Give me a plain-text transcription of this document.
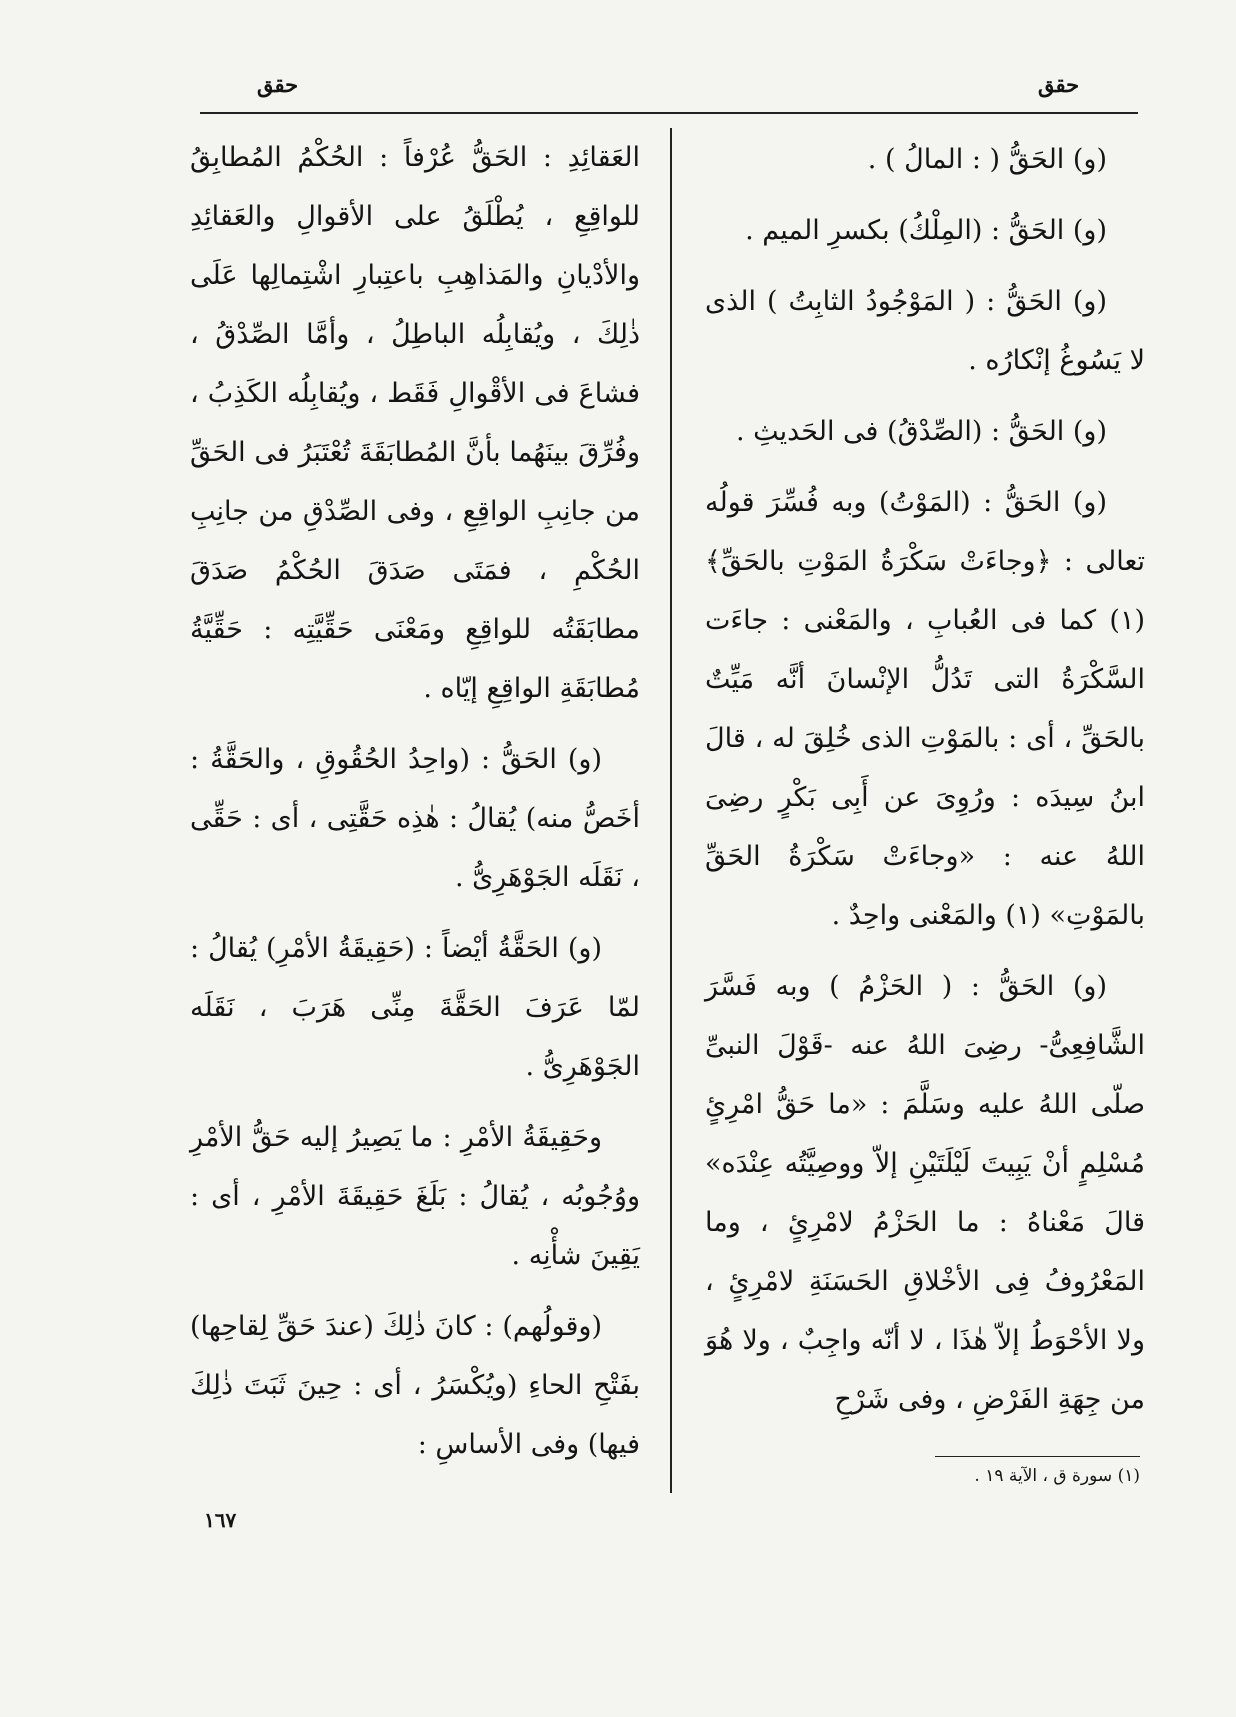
حقق
حقق

(و) الحَقُّ ( : المالُ ) .

(و) الحَقُّ : (المِلْكُ) بكسرِ الميم .

(و) الحَقُّ : ( المَوْجُودُ الثابِتُ ) الذى لا يَسُوغُ إنْكارُه .

(و) الحَقُّ : (الصِّدْقُ) فى الحَديثِ .

(و) الحَقُّ : (المَوْتُ) وبه فُسِّرَ قولُه تعالى : ﴿وجاءَتْ سَكْرَةُ المَوْتِ بالحَقِّ﴾ (١) كما فى العُبابِ ، والمَعْنى : جاءَت السَّكْرَةُ التى تَدُلُّ الإنْسانَ أنَّه مَيِّتٌ بالحَقِّ ، أى : بالمَوْتِ الذى خُلِقَ له ، قالَ ابنُ سِيدَه : ورُوِىَ عن أَبِى بَكْرٍ رضِىَ اللهُ عنه : «وجاءَتْ سَكْرَةُ الحَقِّ بالمَوْتِ» (١) والمَعْنى واحِدٌ .

(و) الحَقُّ : ( الحَزْمُ ) وبه فَسَّرَ الشَّافِعِىُّ- رضِىَ اللهُ عنه -قَوْلَ النبىِّ صلّى اللهُ عليه وسَلَّمَ : «ما حَقُّ امْرِئٍ مُسْلِمٍ أنْ يَبِيتَ لَيْلَتَيْنِ إلاّ ووصِيَّتُه عِنْدَه» قالَ مَعْناهُ : ما الحَزْمُ لامْرِئٍ ، وما المَعْرُوفُ فِى الأخْلاقِ الحَسَنَةِ لامْرِئٍ ، ولا الأحْوَطُ إلاّ هٰذَا ، لا أنّه واجِبٌ ، ولا هُوَ من جِهَةِ الفَرْضِ ، وفى شَرْحِ

العَقائِدِ : الحَقُّ عُرْفاً : الحُكْمُ المُطابِقُ للواقِعِ ، يُطْلَقُ على الأقوالِ والعَقائِدِ والأدْيانِ والمَذاهِبِ باعتِبارِ اشْتِمالِها عَلَى ذٰلِكَ ، ويُقابِلُه الباطِلُ ، وأمَّا الصِّدْقُ ، فشاعَ فى الأقْوالِ فَقَط ، ويُقابِلُه الكَذِبُ ، وفُرِّقَ بينَهُما بأنَّ المُطابَقَةَ تُعْتَبَرُ فى الحَقِّ من جانِبِ الواقِعِ ، وفى الصِّدْقِ من جانِبِ الحُكْمِ ، فمَتَى صَدَقَ الحُكْمُ صَدَقَ مطابَقَتُه للواقِعِ ومَعْنَى حَقِّيَّتِه : حَقِّيَّةُ مُطابَقَةِ الواقِعِ إيّاه .

(و) الحَقُّ : (واحِدُ الحُقُوقِ ، والحَقَّةُ : أخَصُّ منه) يُقالُ : هٰذِه حَقَّتِى ، أى : حَقِّى ، نَقَلَه الجَوْهَرِىُّ .

(و) الحَقَّةُ أيْضاً : (حَقِيقَةُ الأمْرِ) يُقالُ : لمّا عَرَفَ الحَقَّةَ مِنِّى هَرَبَ ، نَقَلَه الجَوْهَرِىُّ .

وحَقِيقَةُ الأمْرِ : ما يَصِيرُ إليه حَقُّ الأمْرِ ووُجُوبُه ، يُقالُ : بَلَغَ حَقِيقَةَ الأمْرِ ، أى : يَقِينَ شأْنِه .

(وقولُهم) : كانَ ذٰلِكَ (عندَ حَقِّ لِقاحِها) بفَتْحِ الحاءِ (ويُكْسَرُ ، أى : حِينَ ثَبَتَ ذٰلِكَ فيها) وفى الأساسِ :

(١) سورة ق ، الآية ١٩ .
١٦٧
